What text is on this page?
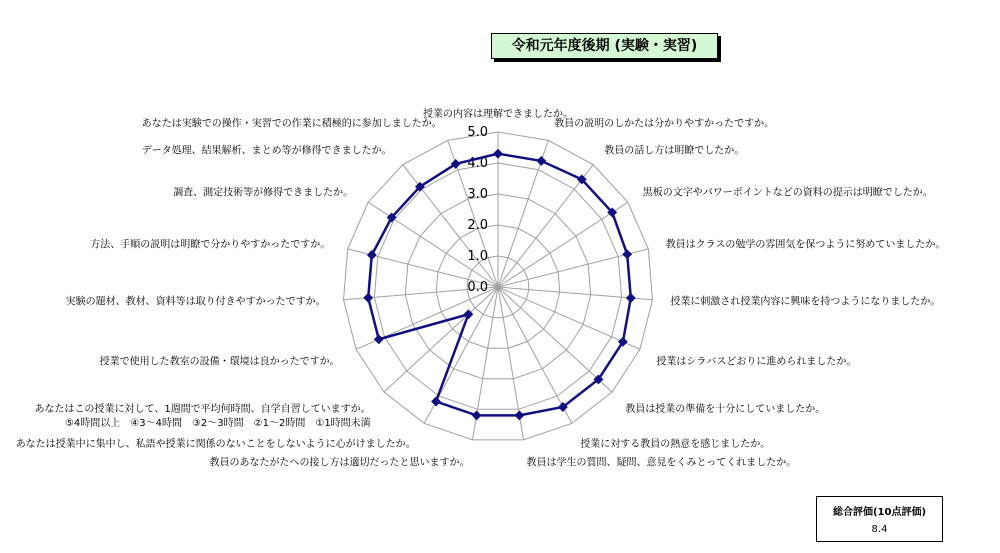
令和元年度後期 (実験・実習)
0.0
1.0
2.0
3.0
4.0
5.0
授業の内容は理解できましたか。
教員の説明のしかたは分かりやすかったですか。
教員の話し方は明瞭でしたか。
黒板の文字やパワーポイントなどの資料の提示は明瞭でしたか。
教員はクラスの勉学の雰囲気を保つように努めていましたか。
授業に刺激され授業内容に興味を持つようになりましたか。
授業はシラバスどおりに進められましたか。
教員は授業の準備を十分にしていましたか。
授業に対する教員の熱意を感じましたか。
教員は学生の質問、疑問、意見をくみとってくれましたか。
教員のあなたがたへの接し方は適切だったと思いますか。
あなたは授業中に集中し、私語や授業に関係のないことをしないように心がけましたか。
あなたはこの授業に対して、1週間で平均何時間、自学自習していますか。 ⑤4時間以上　④3～4時間　③2～3時間　②1～2時間　①1時間未満
授業で使用した教室の設備・環境は良かったですか。
実験の題材、教材、資料等は取り付きやすかったですか。
方法、手順の説明は明瞭で分かりやすかったですか。
調査、測定技術等が修得できましたか。
データ処理、結果解析、まとめ等が修得できましたか。
あなたは実験での操作・実習での作業に積極的に参加しましたか。
総合評価(10点評価)
8.4
